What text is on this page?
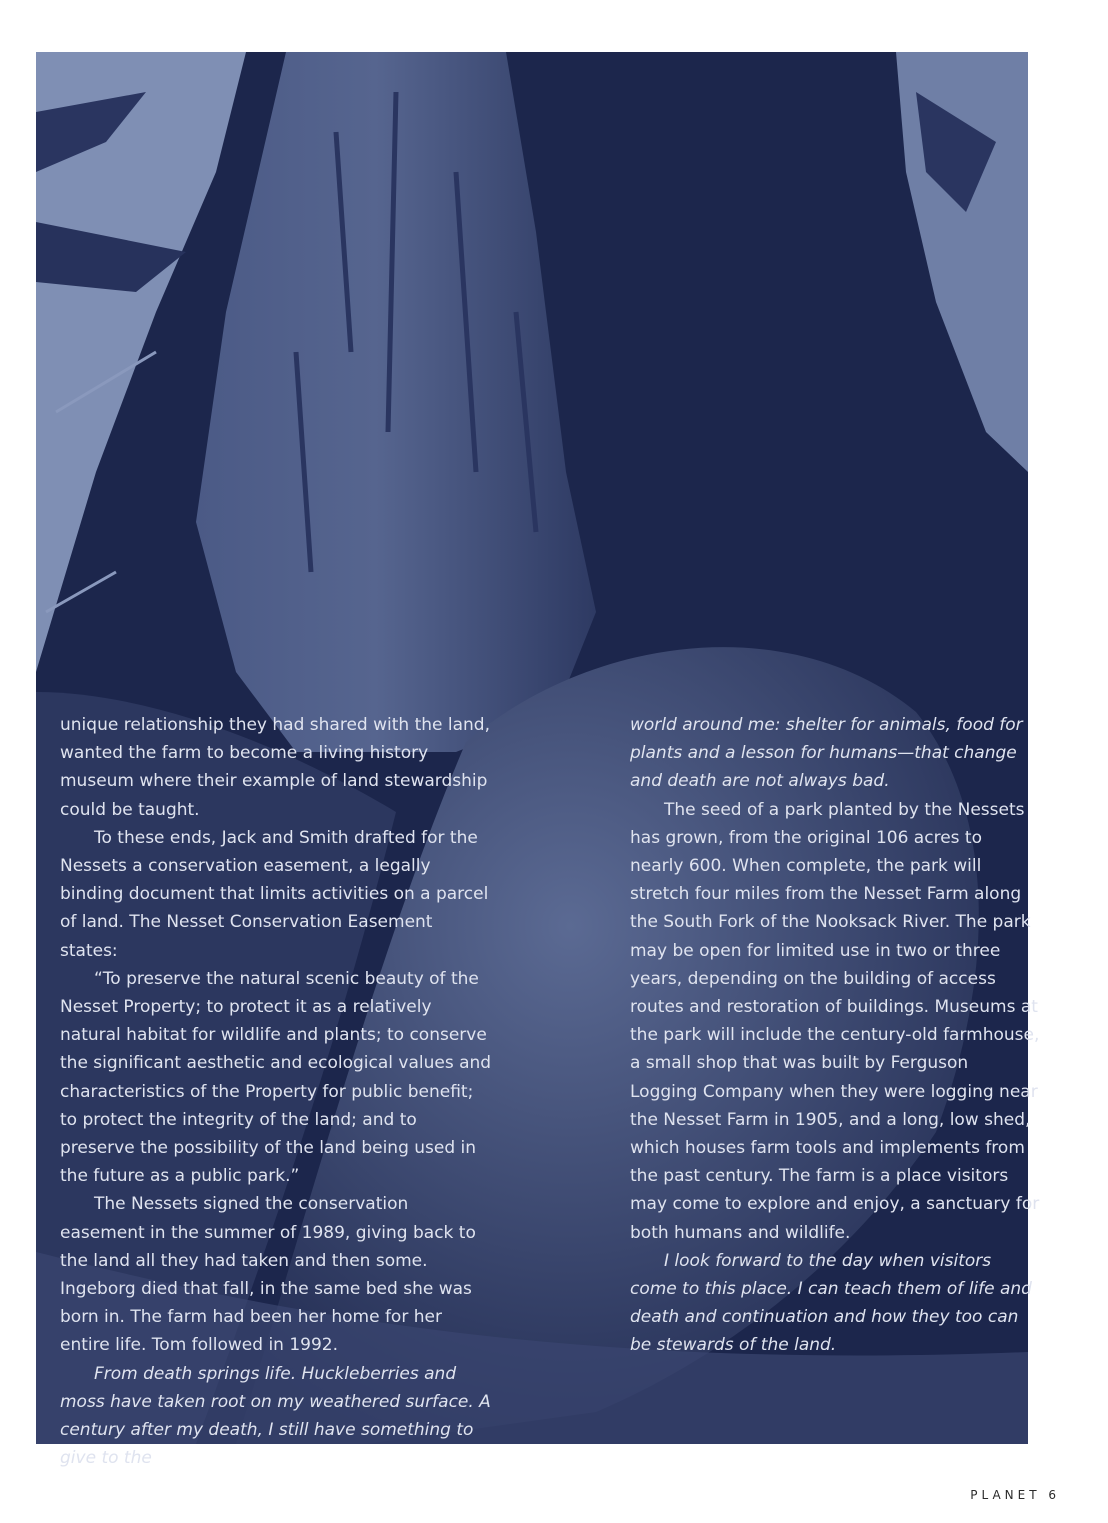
unique relationship they had shared with the land, wanted the farm to become a living history museum where their example of land stewardship could be taught.

To these ends, Jack and Smith drafted for the Nessets a conservation easement, a legally binding document that limits activities on a parcel of land. The Nesset Conservation Easement states:

“To preserve the natural scenic beauty of the Nesset Property; to protect it as a relatively natural habitat for wildlife and plants; to conserve the significant aesthetic and ecological values and characteristics of the Property for public benefit; to protect the integrity of the land; and to preserve the possibility of the land being used in the future as a public park.”

The Nessets signed the conservation easement in the summer of 1989, giving back to the land all they had taken and then some. Ingeborg died that fall, in the same bed she was born in. The farm had been her home for her entire life. Tom followed in 1992.

From death springs life. Huckleberries and moss have taken root on my weathered surface. A century after my death, I still have something to give to the

world around me: shelter for animals, food for plants and a lesson for humans—that change and death are not always bad.

The seed of a park planted by the Nessets has grown, from the original 106 acres to nearly 600. When complete, the park will stretch four miles from the Nesset Farm along the South Fork of the Nooksack River. The park may be open for limited use in two or three years, depending on the building of access routes and restoration of buildings. Museums at the park will include the century-old farmhouse, a small shop that was built by Ferguson Logging Company when they were logging near the Nesset Farm in 1905, and a long, low shed, which houses farm tools and implements from the past century. The farm is a place visitors may come to explore and enjoy, a sanctuary for both humans and wildlife.

I look forward to the day when visitors come to this place. I can teach them of life and death and continuation and how they too can be stewards of the land.

PLANET 6
